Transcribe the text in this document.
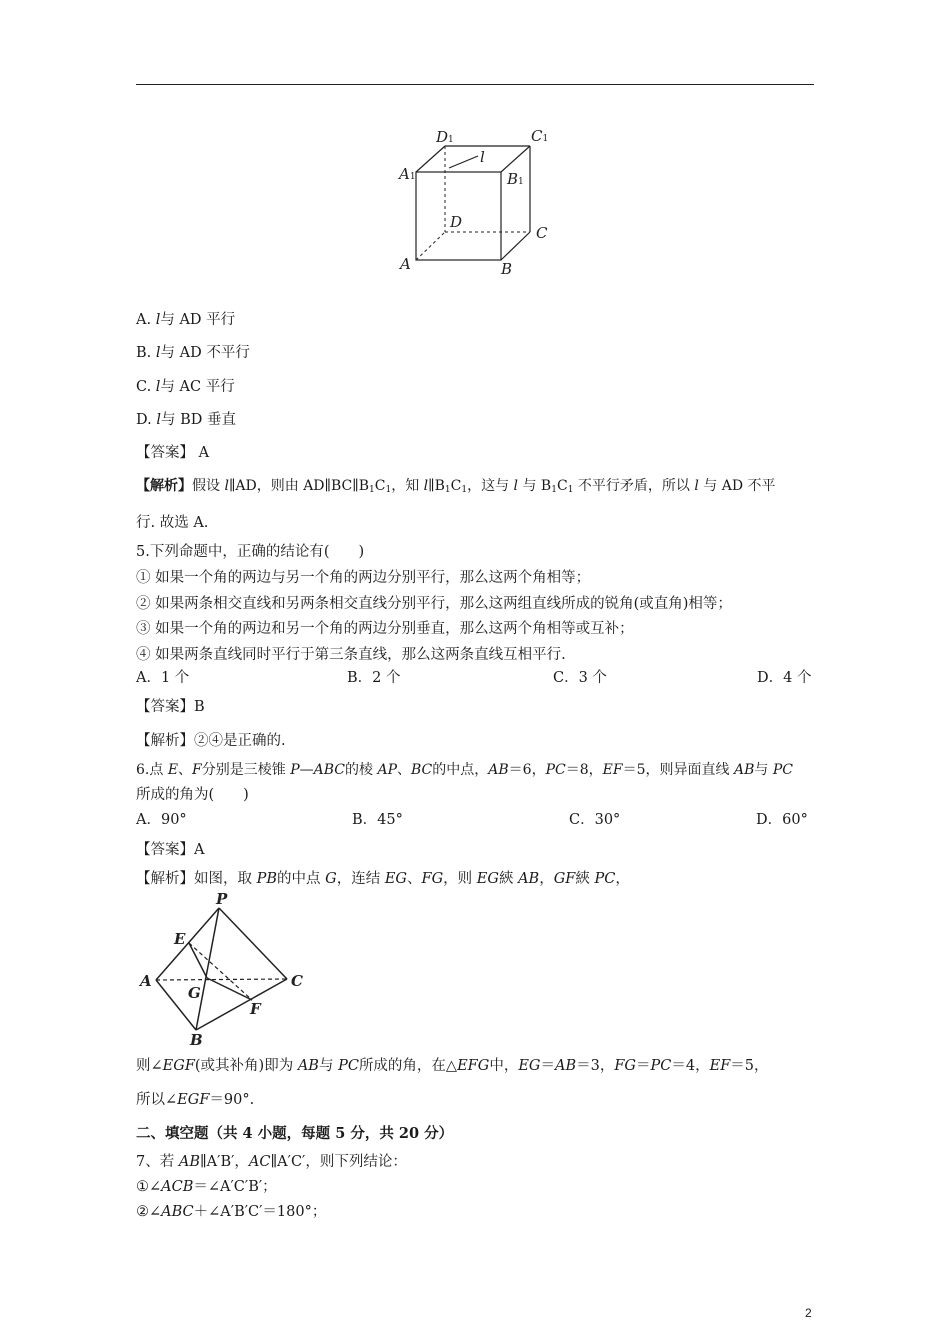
D1	C1
A1	B1
l
D
C
A	B
A. l与 AD 平行
B. l与 AD 不平行
C. l与 AC 平行
D. l与 BD 垂直
【答案】 A
【解析】假设 l∥AD，则由 $AD\parallel BC\parallel B_1C_1$，知 $l\parallel B_1C_1$，这与 l 与 $B_1C_1$ 不平行矛盾，所以 l 与 AD 不平
行. 故选 A.
5.下列命题中，正确的结论有(　　)
① 如果一个角的两边与另一个角的两边分别平行，那么这两个角相等；
② 如果两条相交直线和另两条相交直线分别平行，那么这两组直线所成的锐角(或直角)相等；
③ 如果一个角的两边和另一个角的两边分别垂直，那么这两个角相等或互补；
④ 如果两条直线同时平行于第三条直线，那么这两条直线互相平行.
A．1 个	B．2 个	C．3 个	D．4 个
【答案】B
【解析】②④是正确的.
6.点 E、F分别是三棱锥 P—ABC的棱 AP、BC的中点，AB＝6，PC＝8，EF＝5，则异面直线 AB与 PC
所成的角为(　　)
A．90°	B．45°	C．30°	D．60°
【答案】A
【解析】如图，取 PB的中点 G，连结 EG、FG，则 EG綊 AB，GF綊 PC，
P
E
A	C
G
F
B
则∠EGF(或其补角)即为 AB与 PC所成的角，在△EFG中，EG＝AB＝3，FG＝PC＝4，EF＝5，
所以∠EGF＝90°.
二、填空题（共 4 小题，每题 5 分，共 20 分）
7、若 AB∥A′B′，AC∥A′C′，则下列结论：
①∠ACB＝∠A′C′B′；
②∠ABC＋∠A′B′C′＝180°；
2
